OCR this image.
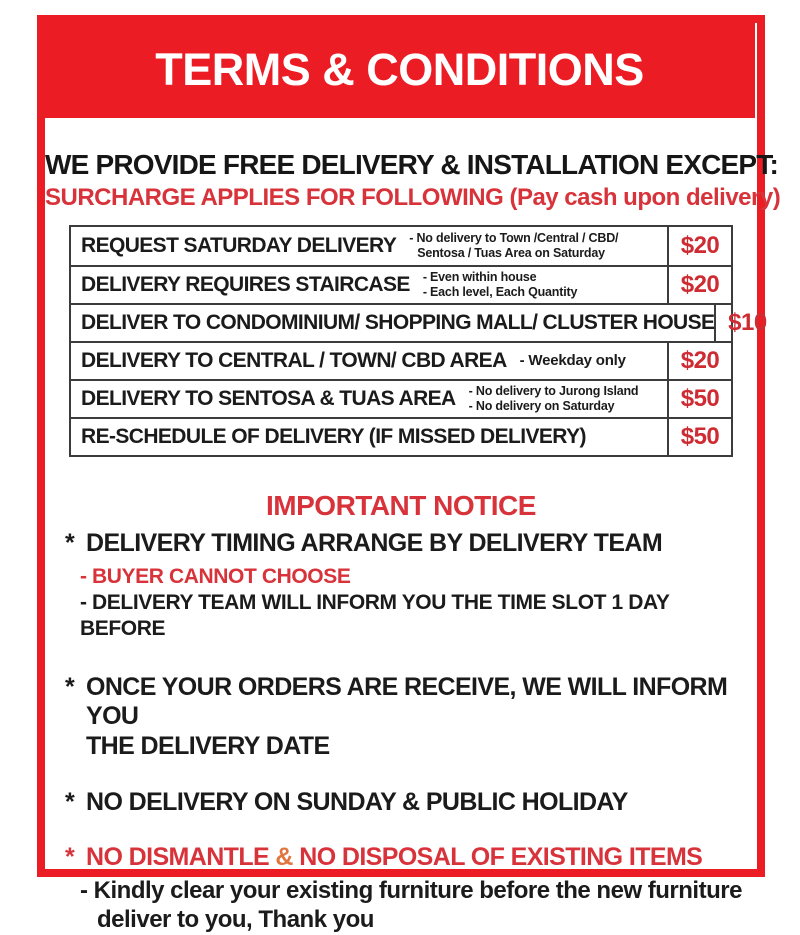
TERMS & CONDITIONS
WE PROVIDE FREE DELIVERY & INSTALLATION EXCEPT:
SURCHARGE APPLIES FOR FOLLOWING (Pay cash upon delivery)
REQUEST SATURDAY DELIVERY - No delivery to Town /Central / CBD/
Sentosa / Tuas Area on Saturday	$20
DELIVERY REQUIRES STAIRCASE - Even within house
- Each level, Each Quantity	$20
DELIVER TO CONDOMINIUM/ SHOPPING MALL/ CLUSTER HOUSE $10
DELIVERY TO CENTRAL / TOWN/ CBD AREA - Weekday only $20
DELIVERY TO SENTOSA & TUAS AREA - No delivery to Jurong Island
- No delivery on Saturday	$50
RE-SCHEDULE OF DELIVERY (IF MISSED DELIVERY)	$50
IMPORTANT NOTICE
* DELIVERY TIMING ARRANGE BY DELIVERY TEAM
- BUYER CANNOT CHOOSE
- DELIVERY TEAM WILL INFORM YOU THE TIME SLOT 1 DAY BEFORE
* ONCE YOUR ORDERS ARE RECEIVE, WE WILL INFORM YOU
THE DELIVERY DATE
* NO DELIVERY ON SUNDAY & PUBLIC HOLIDAY
* NO DISMANTLE & NO DISPOSAL OF EXISTING ITEMS
- Kindly clear your existing furniture before the new furniture
deliver to you, Thank you
